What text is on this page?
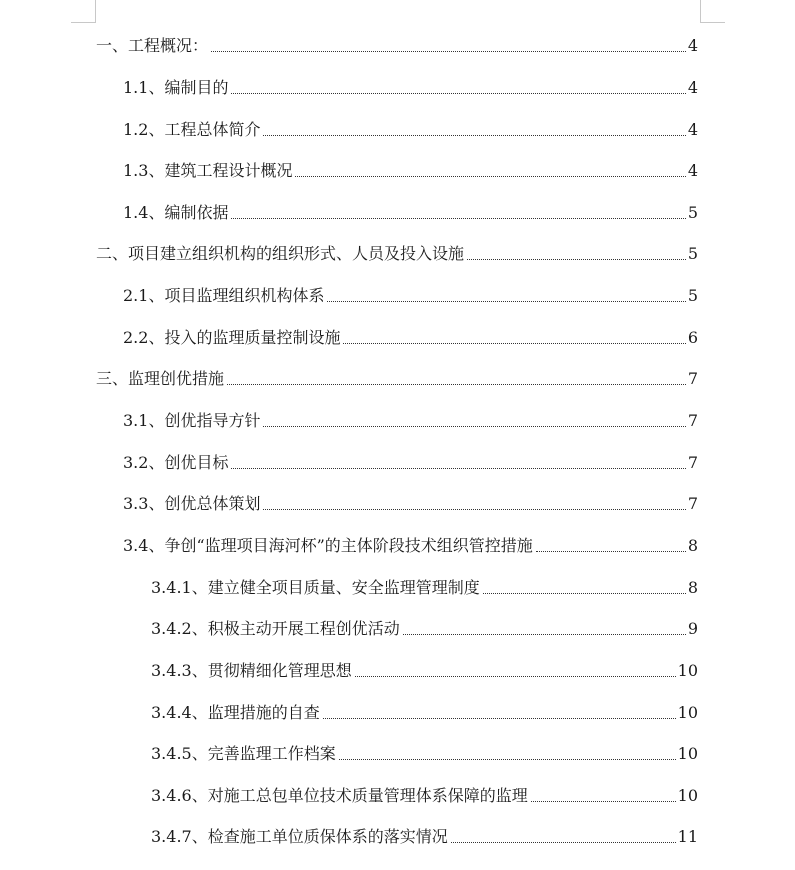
一、工程概况：	4
1.1、编制目的	4
1.2、工程总体简介	4
1.3、建筑工程设计概况	4
1.4、编制依据	5
二、项目建立组织机构的组织形式、人员及投入设施	5
2.1、项目监理组织机构体系	5
2.2、投入的监理质量控制设施	6
三、监理创优措施	7
3.1、创优指导方针	7
3.2、创优目标	7
3.3、创优总体策划	7
3.4、争创“监理项目海河杯”的主体阶段技术组织管控措施	8
3.4.1、建立健全项目质量、安全监理管理制度	8
3.4.2、积极主动开展工程创优活动	9
3.4.3、贯彻精细化管理思想	10
3.4.4、监理措施的自查	10
3.4.5、完善监理工作档案	10
3.4.6、对施工总包单位技术质量管理体系保障的监理	10
3.4.7、检查施工单位质保体系的落实情况	11
